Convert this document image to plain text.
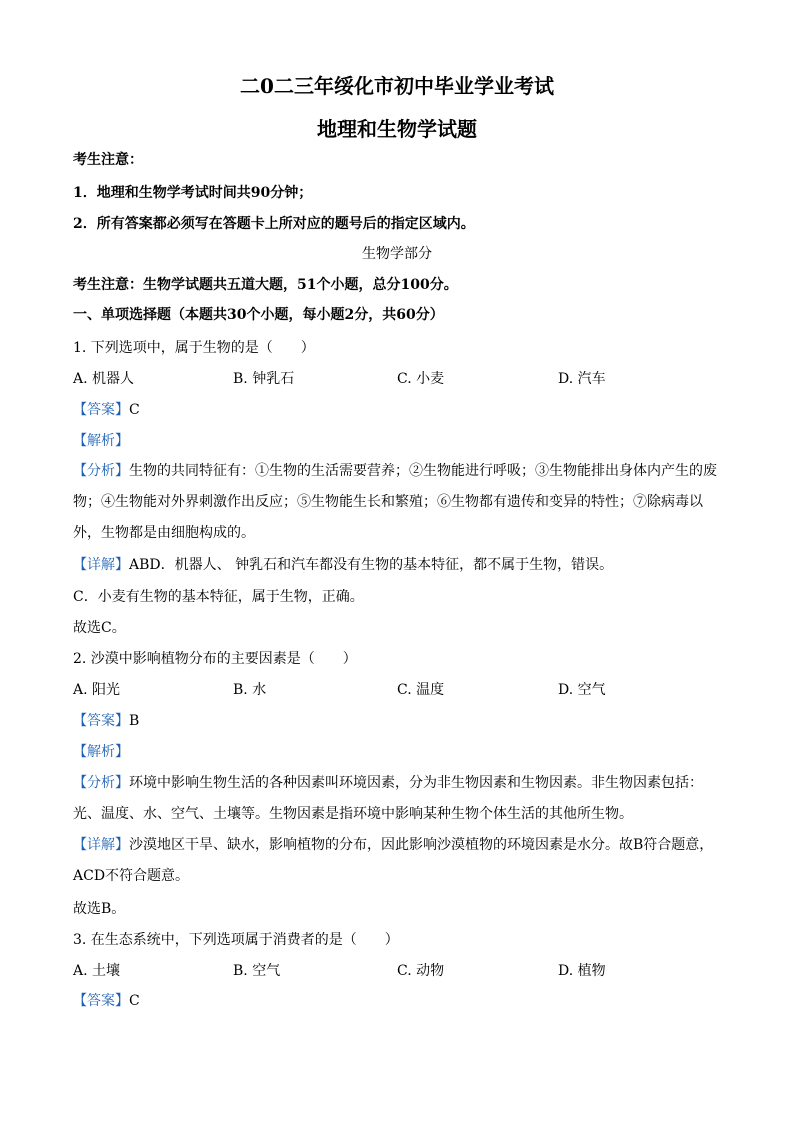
二0二三年绥化市初中毕业学业考试
地理和生物学试题
考生注意：
1．地理和生物学考试时间共90分钟；
2．所有答案都必须写在答题卡上所对应的题号后的指定区域内。
生物学部分
考生注意：生物学试题共五道大题，51个小题，总分100分。
一、单项选择题（本题共30个小题，每小题2分，共60分）
1. 下列选项中，属于生物的是（　　）
A. 机器人	B. 钟乳石	C. 小麦	D. 汽车
【答案】C
【解析】
【分析】生物的共同特征有：①生物的生活需要营养；②生物能进行呼吸；③生物能排出身体内产生的废物；④生物能对外界刺激作出反应；⑤生物能生长和繁殖；⑥生物都有遗传和变异的特性；⑦除病毒以外，生物都是由细胞构成的。
【详解】ABD．机器人、 钟乳石和汽车都没有生物的基本特征，都不属于生物，错误。
C．小麦有生物的基本特征，属于生物，正确。
故选C。
2. 沙漠中影响植物分布的主要因素是（　　）
A. 阳光	B. 水	C. 温度	D. 空气
【答案】B
【解析】
【分析】环境中影响生物生活的各种因素叫环境因素，分为非生物因素和生物因素。非生物因素包括：光、温度、水、空气、土壤等。生物因素是指环境中影响某种生物个体生活的其他所生物。
【详解】沙漠地区干旱、缺水，影响植物的分布，因此影响沙漠植物的环境因素是水分。故B符合题意，ACD不符合题意。
故选B。
3. 在生态系统中，下列选项属于消费者的是（　　）
A. 土壤	B. 空气	C. 动物	D. 植物
【答案】C
